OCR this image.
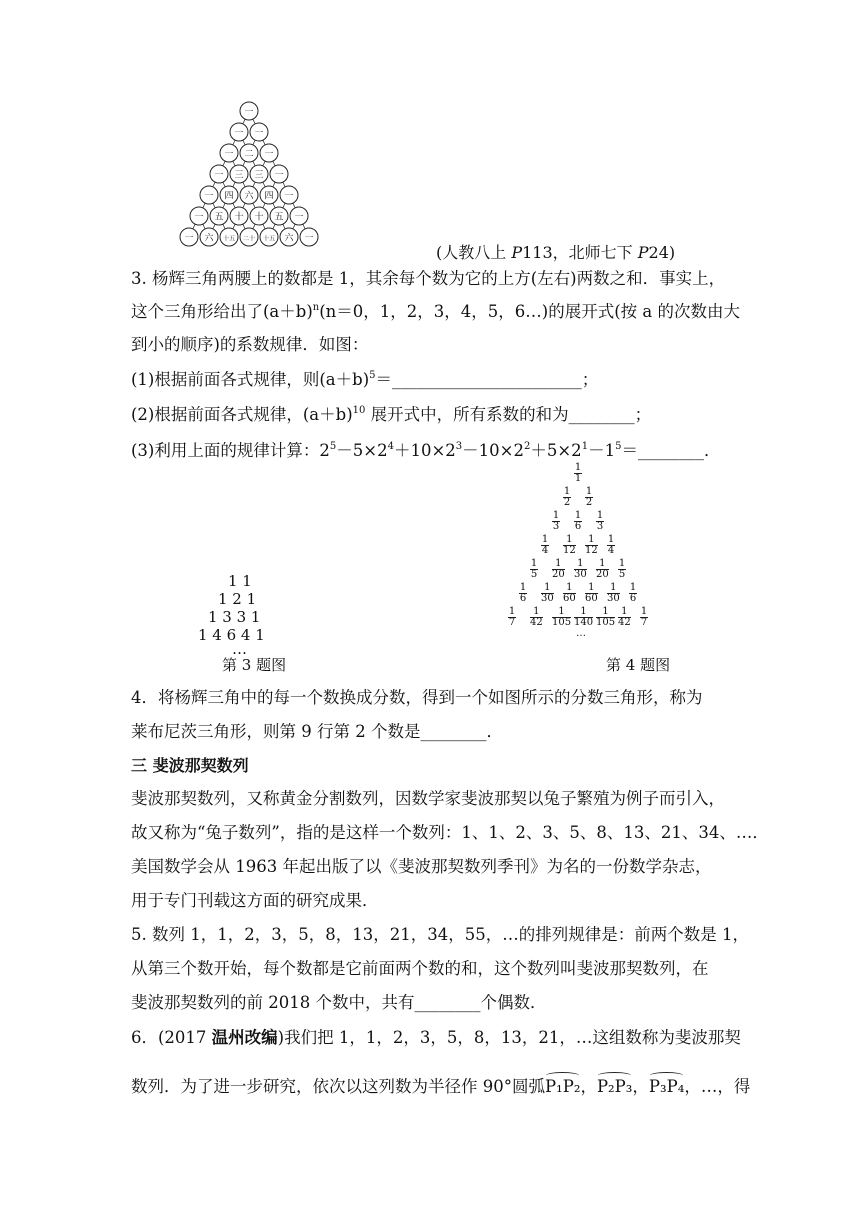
一
一 一
一 二 一
一 三 三 一
一 四 六 四 一
一 五 十 十 五 一
一 六 十五 二十 十五 六 一
(人教八上 P113，北师七下 P24)
3. 杨辉三角两腰上的数都是 1，其余每个数为它的上方(左右)两数之和．事实上，
这个三角形给出了$(a+b)^n(n=0$，1，2，3，4，5，6…)的展开式(按 a 的次数由大
到小的顺序)的系数规律．如图：
(1)根据前面各式规律，则$(a+b)^5=\_\_\_\_\_\_\_\_\_\_\_\_\_\_\_\_\_\_\_\_\_\_\_$；
(2)根据前面各式规律，$(a+b)^{10}$ 展开式中，所有系数的和为________；
(3)利用上面的规律计算：$2^5-5\times 2^4+10\times 2^3-10\times 2^2+5\times 2^1-1^5=\_\_\_\_\_\_\_\_$．
1 1
1 2 1
1 3 3 1
1 4 6 4 1
…
1
1
1
2
1
2
1
3
1
6
1
3
1
4
1
12
1
12
1
4
1
5
1
20
1
30
1
20
1
5
1
6
1
30
1
60
1
60
1
30
1
6
1
7
1
42
1
105
1
140
1
105
1
42
1
7
…
第 3 题图	第 4 题图
4．将杨辉三角中的每一个数换成分数，得到一个如图所示的分数三角形，称为
莱布尼茨三角形，则第 9 行第 2 个数是________．
三 斐波那契数列
斐波那契数列，又称黄金分割数列，因数学家斐波那契以兔子繁殖为例子而引入，
故又称为“兔子数列”，指的是这样一个数列：1、1、2、3、5、8、13、21、34、…．
美国数学会从 1963 年起出版了以《斐波那契数列季刊》为名的一份数学杂志，
用于专门刊载这方面的研究成果．
5. 数列 1，1，2，3，5，8，13，21，34，55，…的排列规律是：前两个数是 1，
从第三个数开始，每个数都是它前面两个数的和，这个数列叫斐波那契数列，在
斐波那契数列的前 2018 个数中，共有________个偶数．
6．(2017 温州改编)我们把 1，1，2，3，5，8，13，21，…这组数称为斐波那契
数列．为了进一步研究，依次以这列数为半径作 90°圆弧P₁P₂，P₂P₃，P₃P₄，…，得
